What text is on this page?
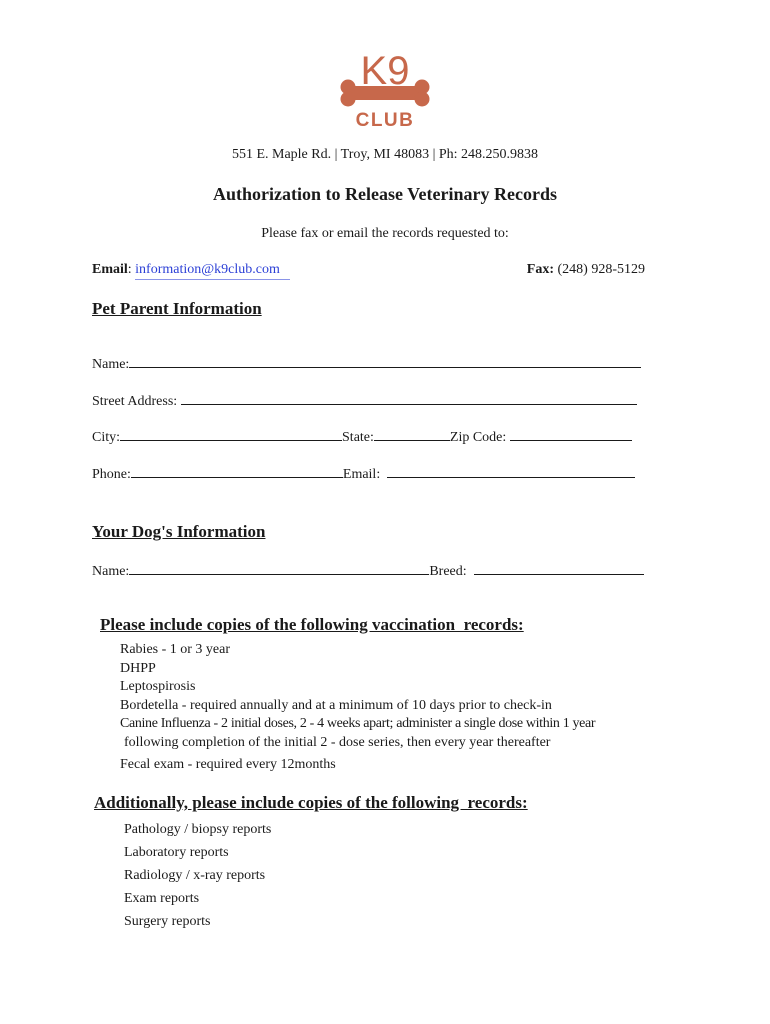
K9
CLUB
551 E. Maple Rd. | Troy, MI 48083 | Ph: 248.250.9838
Authorization to Release Veterinary Records
Please fax or email the records requested to:
Email: information@k9club.com	Fax: (248) 928-5129
Pet Parent Information
Name:
Street Address:
City:	State:	Zip Code:
Phone:	Email:
Your Dog's Information
Name:	Breed:
Please include copies of the following vaccination  records:
Rabies - 1 or 3 year
DHPP
Leptospirosis
Bordetella - required annually and at a minimum of 10 days prior to check-in
Canine Influenza - 2 initial doses, 2 - 4 weeks apart; administer a single dose within 1 year
following completion of the initial 2 - dose series, then every year thereafter
Fecal exam - required every 12months
Additionally, please include copies of the following  records:
Pathology / biopsy reports
Laboratory reports
Radiology / x-ray reports
Exam reports
Surgery reports
